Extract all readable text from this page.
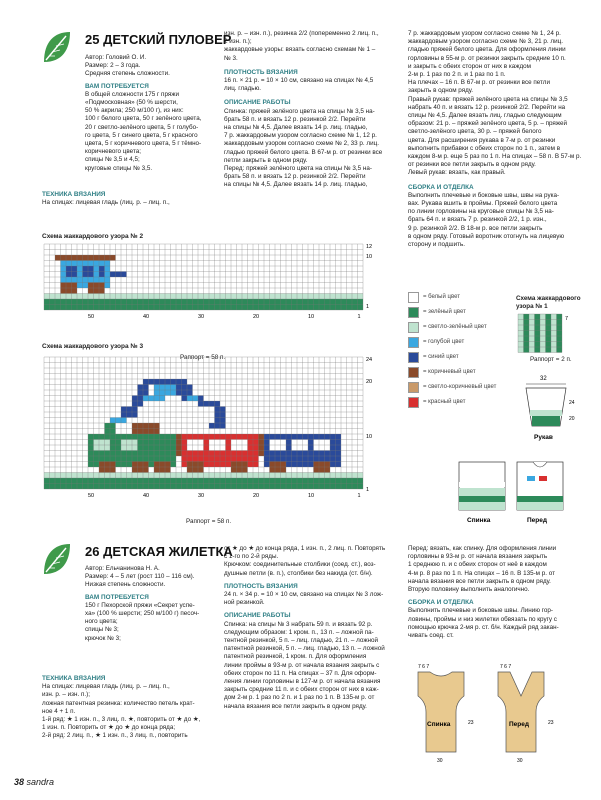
25 ДЕТСКИЙ ПУЛОВЕР
Автор: Головий О. И.
Размер: 2 – 3 года.
Средняя степень сложности.
ВАМ ПОТРЕБУЕТСЯ
В общей сложности 175 г пряжи
«Подмосковная» (50 % шерсти,
50 % акрила; 250 м/100 г), из них:
100 г белого цвета, 50 г зелёного цвета,
20 г светло-зелёного цвета, 5 г голубо-
го цвета, 5 г синего цвета, 5 г красного
цвета, 5 г коричневого цвета, 5 г тёмно-
коричневого цвета;
спицы № 3,5 и 4,5;
круговые спицы № 3,5.
ТЕХНИКА ВЯЗАНИЯ
На спицах: лицевая гладь (лиц. р. – лиц. п.,
изн. р. – изн. п.), резинка 2/2 (попеременно 2 лиц. п.,
2 изн. п.);
жаккардовые узоры: вязать согласно схемам № 1 –
№ 3.
ПЛОТНОСТЬ ВЯЗАНИЯ
16 п. × 21 р. = 10 × 10 см, связано на спицах № 4,5
лиц. гладью.
ОПИСАНИЕ РАБОТЫ
Спинка: пряжей зелёного цвета на спицы № 3,5 на-
брать 58 п. и вязать 12 р. резинкой 2/2. Перейти
на спицы № 4,5. Далее вязать 14 р. лиц. гладью,
7 р. жаккардовым узором согласно схеме № 1, 12 р.
жаккардовым узором согласно схеме № 2, 33 р. лиц.
гладью пряжей белого цвета. В 67-м р. от резинки все
петли закрыть в одном ряду.
Перед: пряжей зелёного цвета на спицы № 3,5 на-
брать 58 п. и вязать 12 р. резинкой 2/2. Перейти
на спицы № 4,5. Далее вязать 14 р. лиц. гладью,
7 р. жаккардовым узором согласно схеме № 1, 24 р.
жаккардовым узором согласно схеме № 3, 21 р. лиц.
гладью пряжей белого цвета. Для оформления линии
горловины в 55-м р. от резинки закрыть средние 10 п.
и закрыть с обеих сторон от них в каждом
2-м р. 1 раз по 2 п. и 1 раз по 1 п.
На плечах – 16 п. В 67-м р. от резинки все петли
закрыть в одном ряду.
Правый рукав: пряжей зелёного цвета на спицы № 3,5
набрать 40 п. и вязать 12 р. резинкой 2/2. Перейти на
спицы № 4,5. Далее вязать лиц. гладью следующим
образом: 21 р. – пряжей зелёного цвета, 5 р. – пряжей
светло-зелёного цвета, 30 р. – пряжей белого
цвета. Для расширения рукава в 7-м р. от резинки
выполнить прибавки с обеих сторон по 1 п., затем в
каждом 8-м р. еще 5 раз по 1 п. На спицах – 58 п. В 57-м р.
от резинки все петли закрыть в одном ряду.
Левый рукав: вязать, как правый.
СБОРКА И ОТДЕЛКА
Выполнить плечевые и боковые швы, швы на рука-
вах. Рукава вшить в проймы. Пряжей белого цвета
по линии горловины на круговые спицы № 3,5 на-
брать 64 п. и вязать 7 р. резинкой 2/2, 1 р. изн.,
9 р. резинкой 2/2. В 18-м р. все петли закрыть
в одном ряду. Готовый воротник отогнуть на лицевую
сторону и подшить.
Схема жаккардового узора № 2
50	40	30	20	10	1
12
10
1
Раппорт = 58 п.
Схема жаккардового узора № 3
50	40	30	20	10	1
24
20
10
1
Раппорт = 58 п.
= белый цвет
= зелёный цвет
= светло-зелёный цвет
= голубой цвет
= синий цвет
= коричневый цвет
= светло-коричневый цвет
= красный цвет
Схема жаккардового узора № 1
7
Раппорт = 2 п.
32
24
20
Рукав
Спинка	Перед
26 ДЕТСКАЯ ЖИЛЕТКА
Автор: Ельчанинова Н. А.
Размер: 4 – 5 лет (рост 110 – 116 см).
Низкая степень сложности.
ВАМ ПОТРЕБУЕТСЯ
150 г Пехорской пряжи «Секрет успе-
ха» (100 % шерсти; 250 м/100 г) песоч-
ного цвета;
спицы № 3;
крючок № 3;
ТЕХНИКА ВЯЗАНИЯ
На спицах: лицевая гладь (лиц. р. – лиц. п.,
изн. р. – изн. п.);
ложная патентная резинка: количество петель крат-
ное 4 + 1 п.
1-й ряд: ★ 1 изн. п., 3 лиц. п. ★, повторить от ★ до ★,
1 изн. п. Повторить от ★ до ★ до конца ряда;
2-й ряд: 2 лиц. п., ★ 1 изн. п., 3 лиц. п., повторить
от ★ до ★ до конца ряда, 1 изн. п., 2 лиц. п. Повторять
с 1-го по 2-й ряды.
Крючком: соединительные столбики (соед. ст.), воз-
душные петли (в. п.), столбики без накида (ст. б/н).
ПЛОТНОСТЬ ВЯЗАНИЯ
24 п. × 34 р. = 10 × 10 см, связано на спицах № 3 лож-
ной резинкой.
ОПИСАНИЕ РАБОТЫ
Спинка: на спицы № 3 набрать 59 п. и вязать 92 р.
следующим образом: 1 кром. п., 13 п. – ложной па-
тентной резинкой, 5 п. – лиц. гладью, 21 п. – ложной
патентной резинкой, 5 п. – лиц. гладью, 13 п. – ложной
патентной резинкой, 1 кром. п. Для оформления
линии проймы в 93-м р. от начала вязания закрыть с
обеих сторон по 11 п. На спицах – 37 п. Для оформ-
ления линии горловины в 127-м р. от начала вязания
закрыть средние 11 п. и с обеих сторон от них в каж-
дом 2-м р. 1 раз по 2 п. и 1 раз по 1 п. В 135-м р. от
начала вязания все петли закрыть в одном ряду.
Перед: вязать, как спинку. Для оформления линии
горловины в 93-м р. от начала вязания закрыть
1 среднюю п. и с обеих сторон от неё в каждом
4-м р. 8 раз по 1 п. На спицах – 16 п. В 135-м р. от
начала вязания все петли закрыть в одном ряду.
Вторую половину выполнить аналогично.
СБОРКА И ОТДЕЛКА
Выполнить плечевые и боковые швы. Линию гор-
ловины, проймы и низ жилетки обвязать по кругу с
помощью крючка 2-мя р. ст. б/н. Каждый ряд закан-
чивать соед. ст.
Спинка	Перед
7 6 7	7 6 7
30	30
23	23
38 sandra
